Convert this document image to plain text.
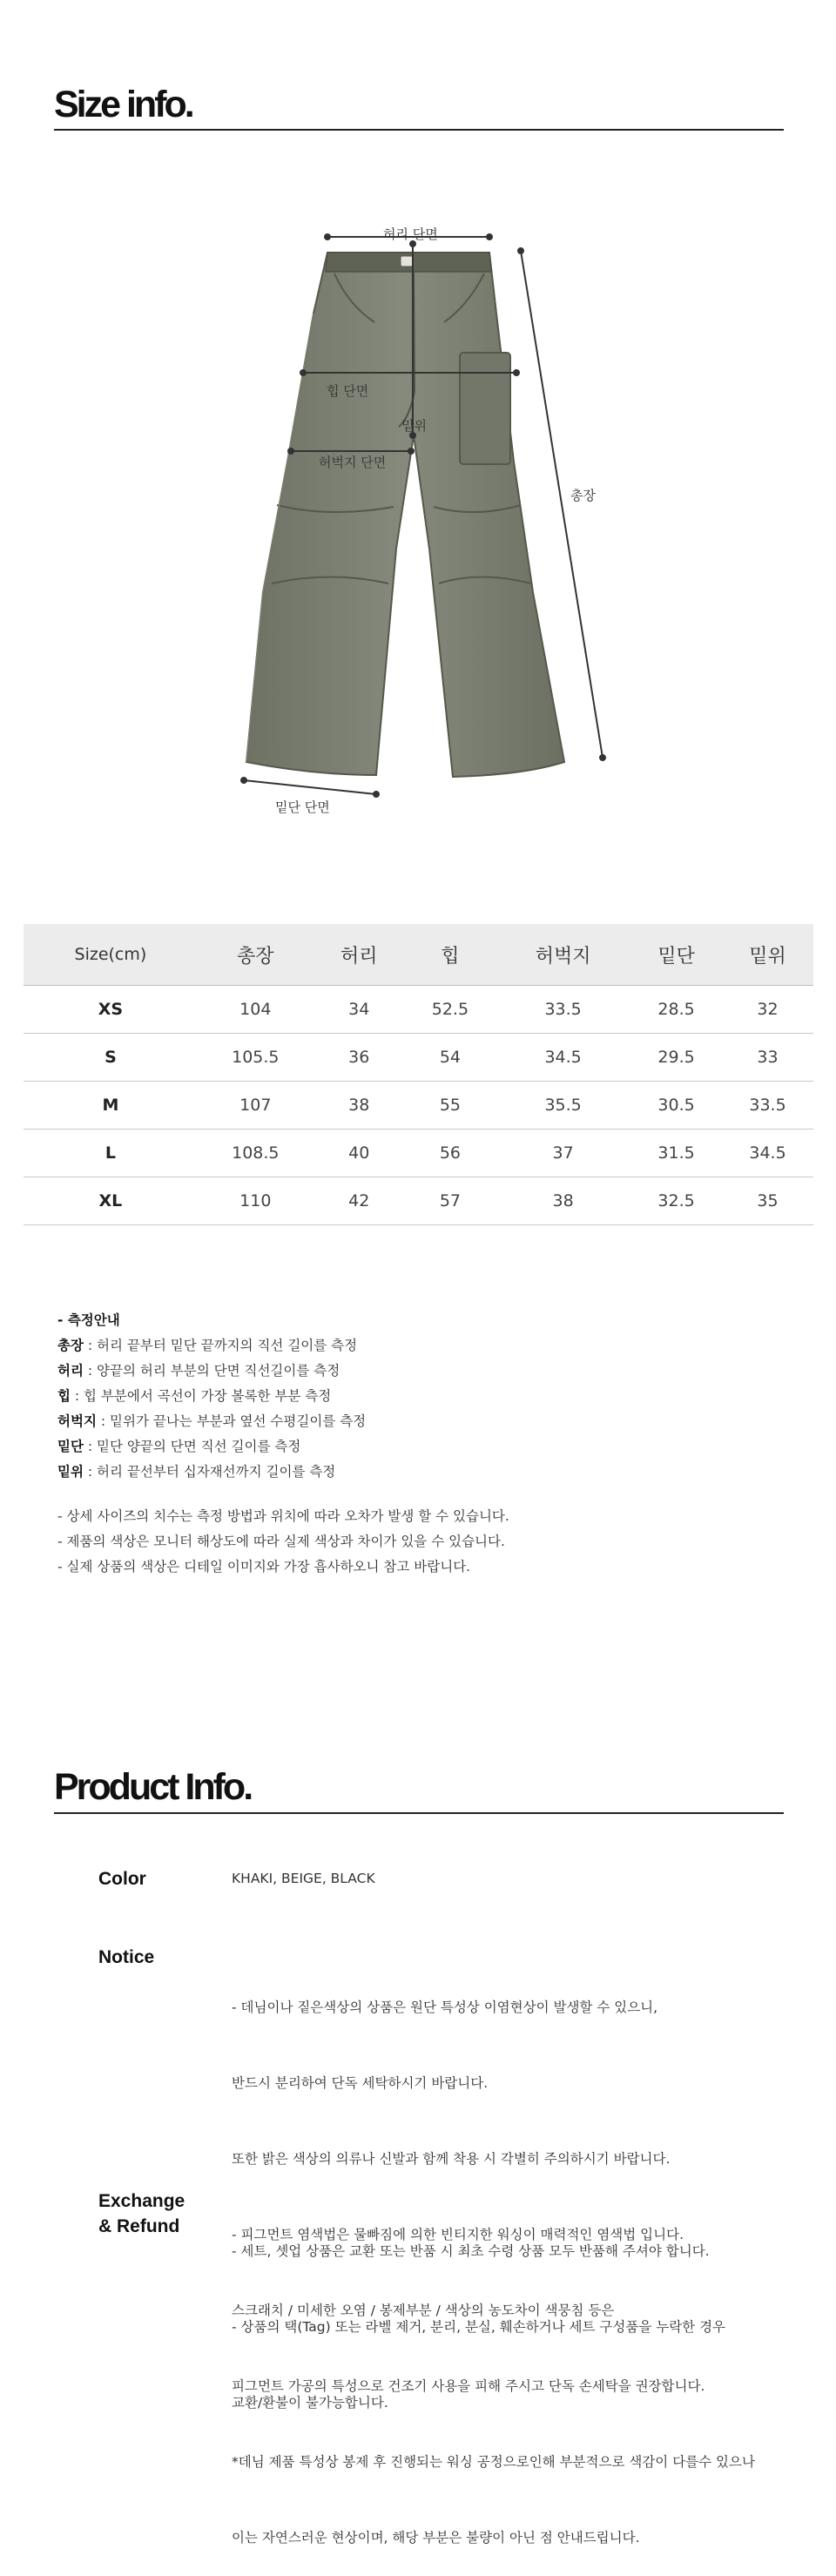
Size info.
허리 단면
힙 단면
밑위
허벅지 단면
총장
밑단 단면
Size(cm)	총장	허리	힙	허벅지	밑단	밑위
XS	104	34	52.5	33.5	28.5	32
S	105.5	36	54	34.5	29.5	33
M	107	38	55	35.5	30.5	33.5
L	108.5	40	56	37	31.5	34.5
XL	110	42	57	38	32.5	35
- 측정안내
총장 : 허리 끝부터 밑단 끝까지의 직선 길이를 측정
허리 : 양끝의 허리 부분의 단면 직선길이를 측정
힙 : 힙 부분에서 곡선이 가장 볼록한 부분 측정
허벅지 : 밑위가 끝나는 부분과 옆선 수평길이를 측정
밑단 : 밑단 양끝의 단면 직선 길이를 측정
밑위 : 허리 끝선부터 십자재선까지 길이를 측정
- 상세 사이즈의 치수는 측정 방법과 위치에 따라 오차가 발생 할 수 있습니다.
- 제품의 색상은 모니터 해상도에 따라 실제 색상과 차이가 있을 수 있습니다.
- 실제 상품의 색상은 디테일 이미지와 가장 흡사하오니 참고 바랍니다.
Product Info.
Color	KHAKI, BEIGE, BLACK
Notice

- 데님이나 짙은색상의 상품은 원단 특성상 이염현상이 발생할 수 있으니,

반드시 분리하여 단독 세탁하시기 바랍니다.

또한 밝은 색상의 의류나 신발과 함께 착용 시 각별히 주의하시기 바랍니다.

- 피그먼트 염색법은 물빠짐에 의한 빈티지한 워싱이 매력적인 염색법 입니다.

스크래치 / 미세한 오염 / 봉제부분 / 색상의 농도차이 색뭉침 등은

피그먼트 가공의 특성으로 건조기 사용을 피해 주시고 단독 손세탁을 권장합니다.

*데님 제품 특성상 봉제 후 진행되는 워싱 공정으로인해 부분적으로 색감이 다를수 있으나

이는 자연스러운 현상이며, 해당 부분은 불량이 아닌 점 안내드립니다.

Exchange
& Refund

- 세트, 셋업 상품은 교환 또는 반품 시 최초 수령 상품 모두 반품해 주셔야 합니다.

- 상품의 택(Tag) 또는 라벨 제거, 분리, 분실, 훼손하거나 세트 구성품을 누락한 경우

교환/환불이 불가능합니다.
